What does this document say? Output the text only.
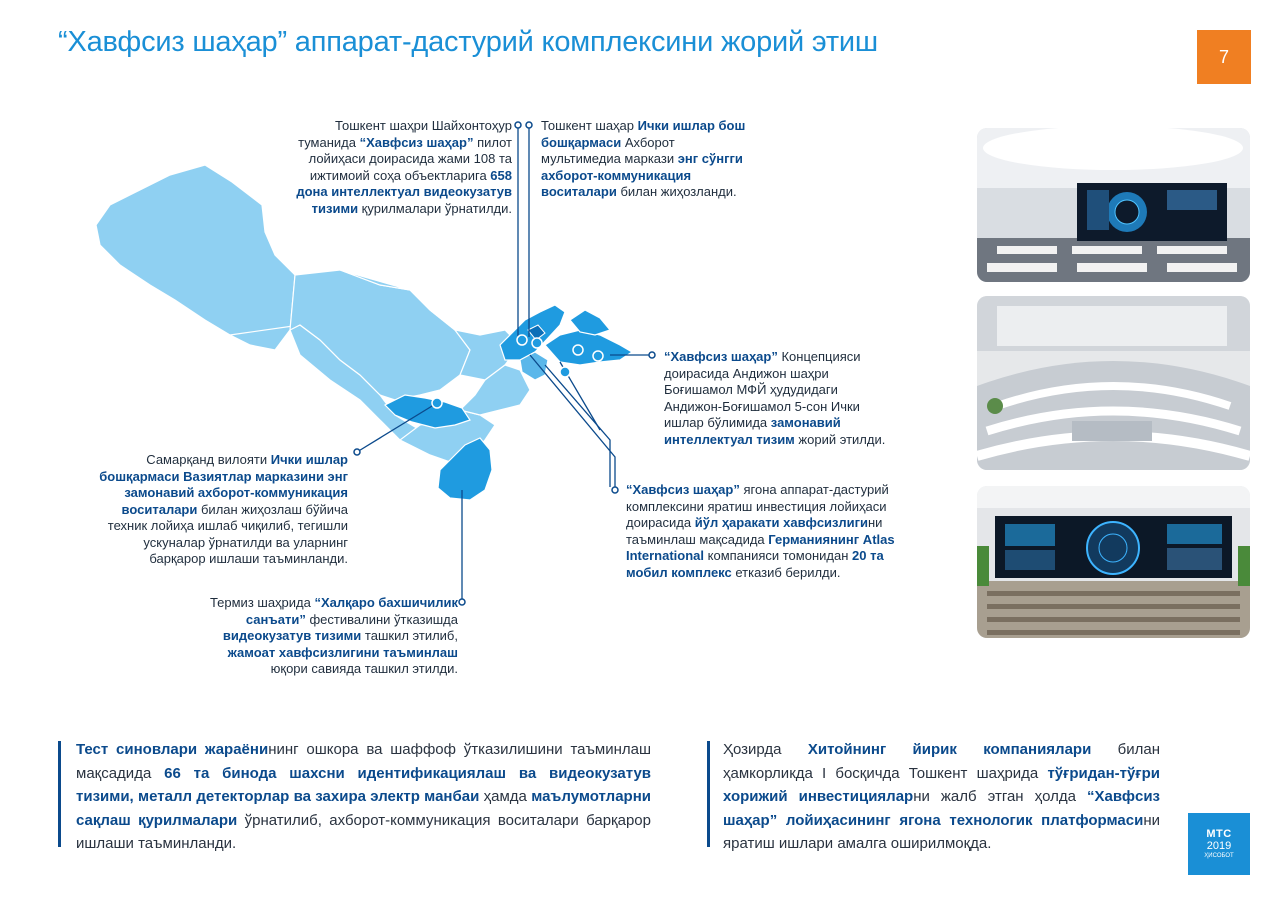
“Хавфсиз шаҳар” аппарат-дастурий комплексини жорий этиш	7
Тошкент шаҳри Шайхонтоҳур
туманида “Хавфсиз шаҳар” пилот
лойиҳаси доирасида жами 108 та
ижтимоий соҳа объектларига 658
дона интеллектуал видеокузатув
тизими қурилмалари ўрнатилди.
Тошкент шаҳар Ички ишлар бош
бошқармаси Ахборот
мультимедиа маркази энг сўнгги
ахборот-коммуникация
воситалари билан жиҳозланди.
“Хавфсиз шаҳар” Концепцияси
доирасида Андижон шаҳри
Боғишамол МФЙ ҳудудидаги
Андижон-Боғишамол 5-сон Ички
ишлар бўлимида замонавий
интеллектуал тизим жорий этилди.
“Хавфсиз шаҳар” ягона аппарат-дастурий
комплексини яратиш инвестиция лойиҳаси
доирасида йўл ҳаракати хавфсизлигини
таъминлаш мақсадида Германиянинг Atlas
International компанияси томонидан 20 та
мобил комплекс етказиб берилди.
Самарқанд вилояти Ички ишлар
бошқармаси Вазиятлар марказини энг
замонавий ахборот-коммуникация
воситалари билан жиҳозлаш бўйича
техник лойиҳа ишлаб чиқилиб, тегишли
ускуналар ўрнатилди ва уларнинг
барқарор ишлаши таъминланди.
Термиз шаҳрида “Халқаро бахшичилик
санъати” фестивалини ўтказишда
видеокузатув тизими ташкил этилиб,
жамоат хавфсизлигини таъминлаш
юқори савияда ташкил этилди.
Тест синовлари жараёнининг ошкора ва шаффоф ўтказилишини таъминлаш мақсадида 66 та бинода шахсни идентификациялаш ва видеокузатув тизими, металл детекторлар ва захира электр манбаи ҳамда маълумотларни сақлаш қурилмалари ўрнатилиб, ахборот-коммуникация воситалари барқарор ишлаши таъминланди.
Ҳозирда Хитойнинг йирик компаниялари билан ҳамкорликда I босқичда Тошкент шаҳрида тўғридан-тўғри хорижий инвестицияларни жалб этган ҳолда “Хавфсиз шаҳар” лойиҳасининг ягона технологик платформасини яратиш ишлари амалга оширилмоқда.
МТС
2019
ҲИСОБОТ
